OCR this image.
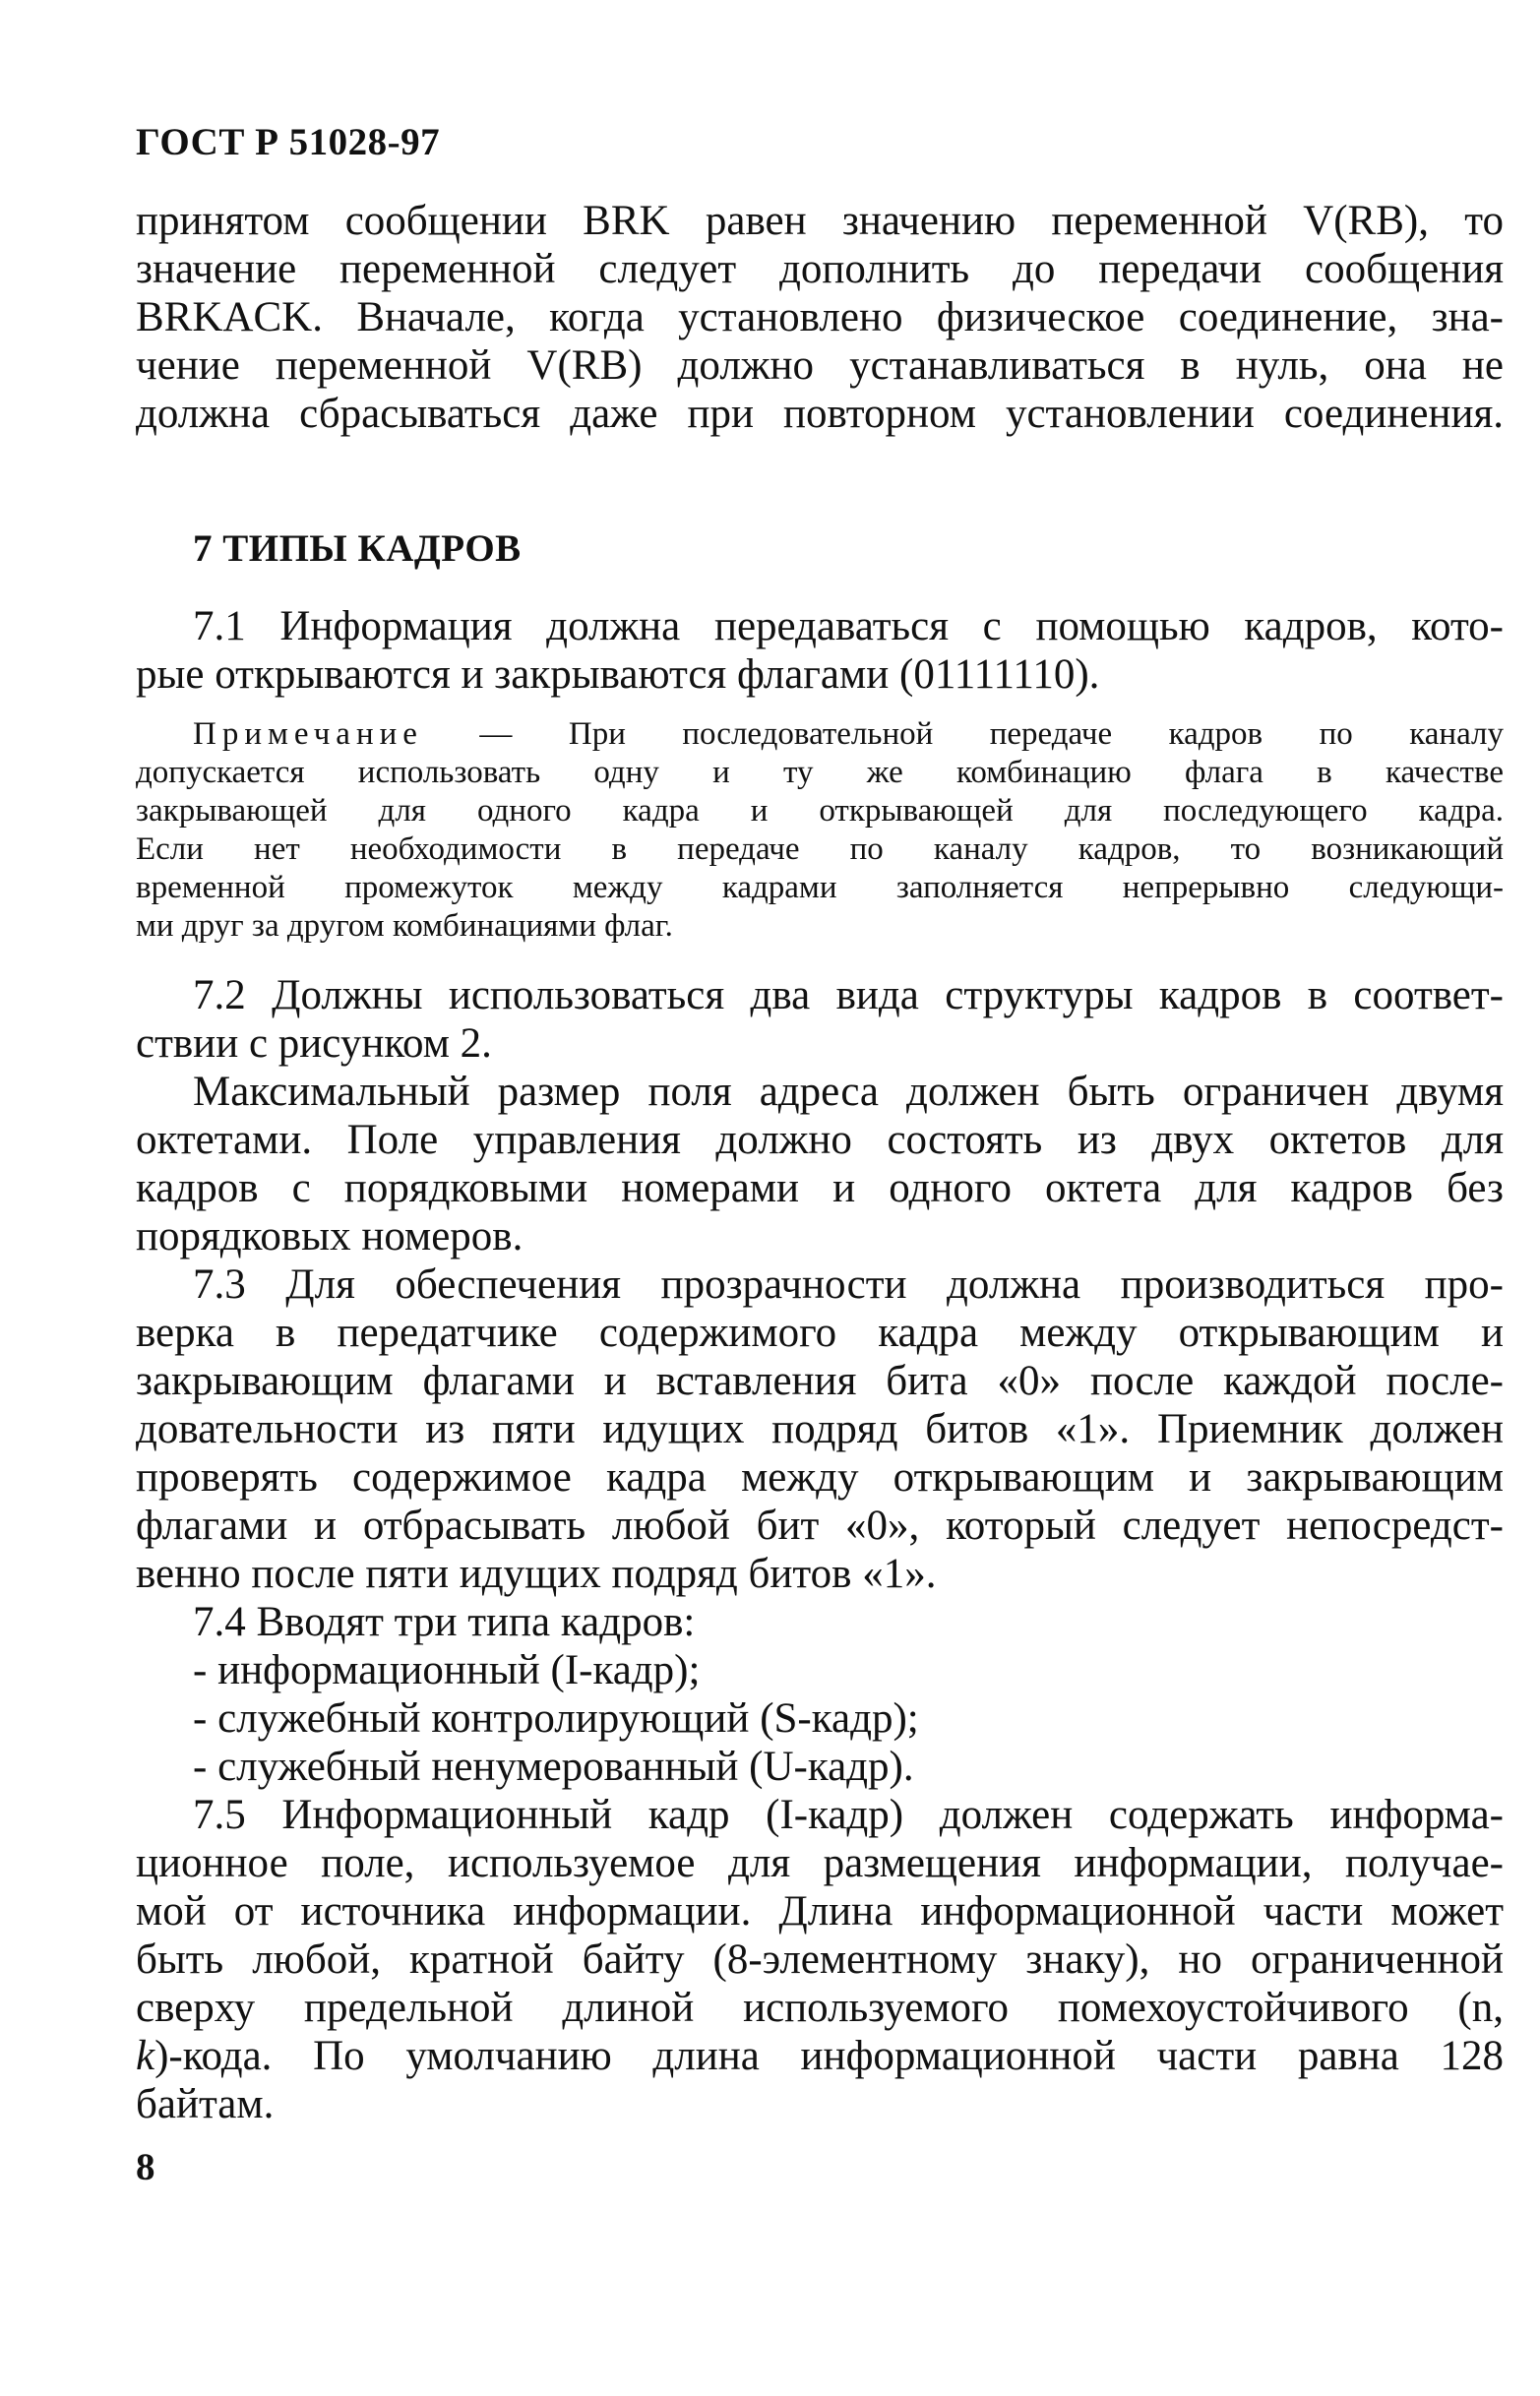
ГОСТ Р 51028-97
принятом сообщении BRK равен значению переменной V(RB), то
значение переменной следует дополнить до передачи сообщения
BRKACK. Вначале, когда установлено физическое соединение, зна-
чение переменной V(RB) должно устанавливаться в нуль, она не
должна сбрасываться даже при повторном установлении соединения.
7 ТИПЫ КАДРОВ
7.1 Информация должна передаваться с помощью кадров, кото-
рые открываются и закрываются флагами (01111110).
Примечание — При последовательной передаче кадров по каналу
допускается использовать одну и ту же комбинацию флага в качестве
закрывающей для одного кадра и открывающей для последующего кадра.
Если нет необходимости в передаче по каналу кадров, то возникающий
временной промежуток между кадрами заполняется непрерывно следующи-
ми друг за другом комбинациями флаг.
7.2 Должны использоваться два вида структуры кадров в соответ-
ствии с рисунком 2.
Максимальный размер поля адреса должен быть ограничен двумя
октетами. Поле управления должно состоять из двух октетов для
кадров с порядковыми номерами и одного октета для кадров без
порядковых номеров.
7.3 Для обеспечения прозрачности должна производиться про-
верка в передатчике содержимого кадра между открывающим и
закрывающим флагами и вставления бита «0» после каждой после-
довательности из пяти идущих подряд битов «1». Приемник должен
проверять содержимое кадра между открывающим и закрывающим
флагами и отбрасывать любой бит «0», который следует непосредст-
венно после пяти идущих подряд битов «1».
7.4 Вводят три типа кадров:
- информационный (I-кадр);
- служебный контролирующий (S-кадр);
- служебный ненумерованный (U-кадр).
7.5 Информационный кадр (I-кадр) должен содержать информа-
ционное поле, используемое для размещения информации, получае-
мой от источника информации. Длина информационной части может
быть любой, кратной байту (8-элементному знаку), но ограниченной
сверху предельной длиной используемого помехоустойчивого (n,
k)-кода. По умолчанию длина информационной части равна 128
байтам.
8
